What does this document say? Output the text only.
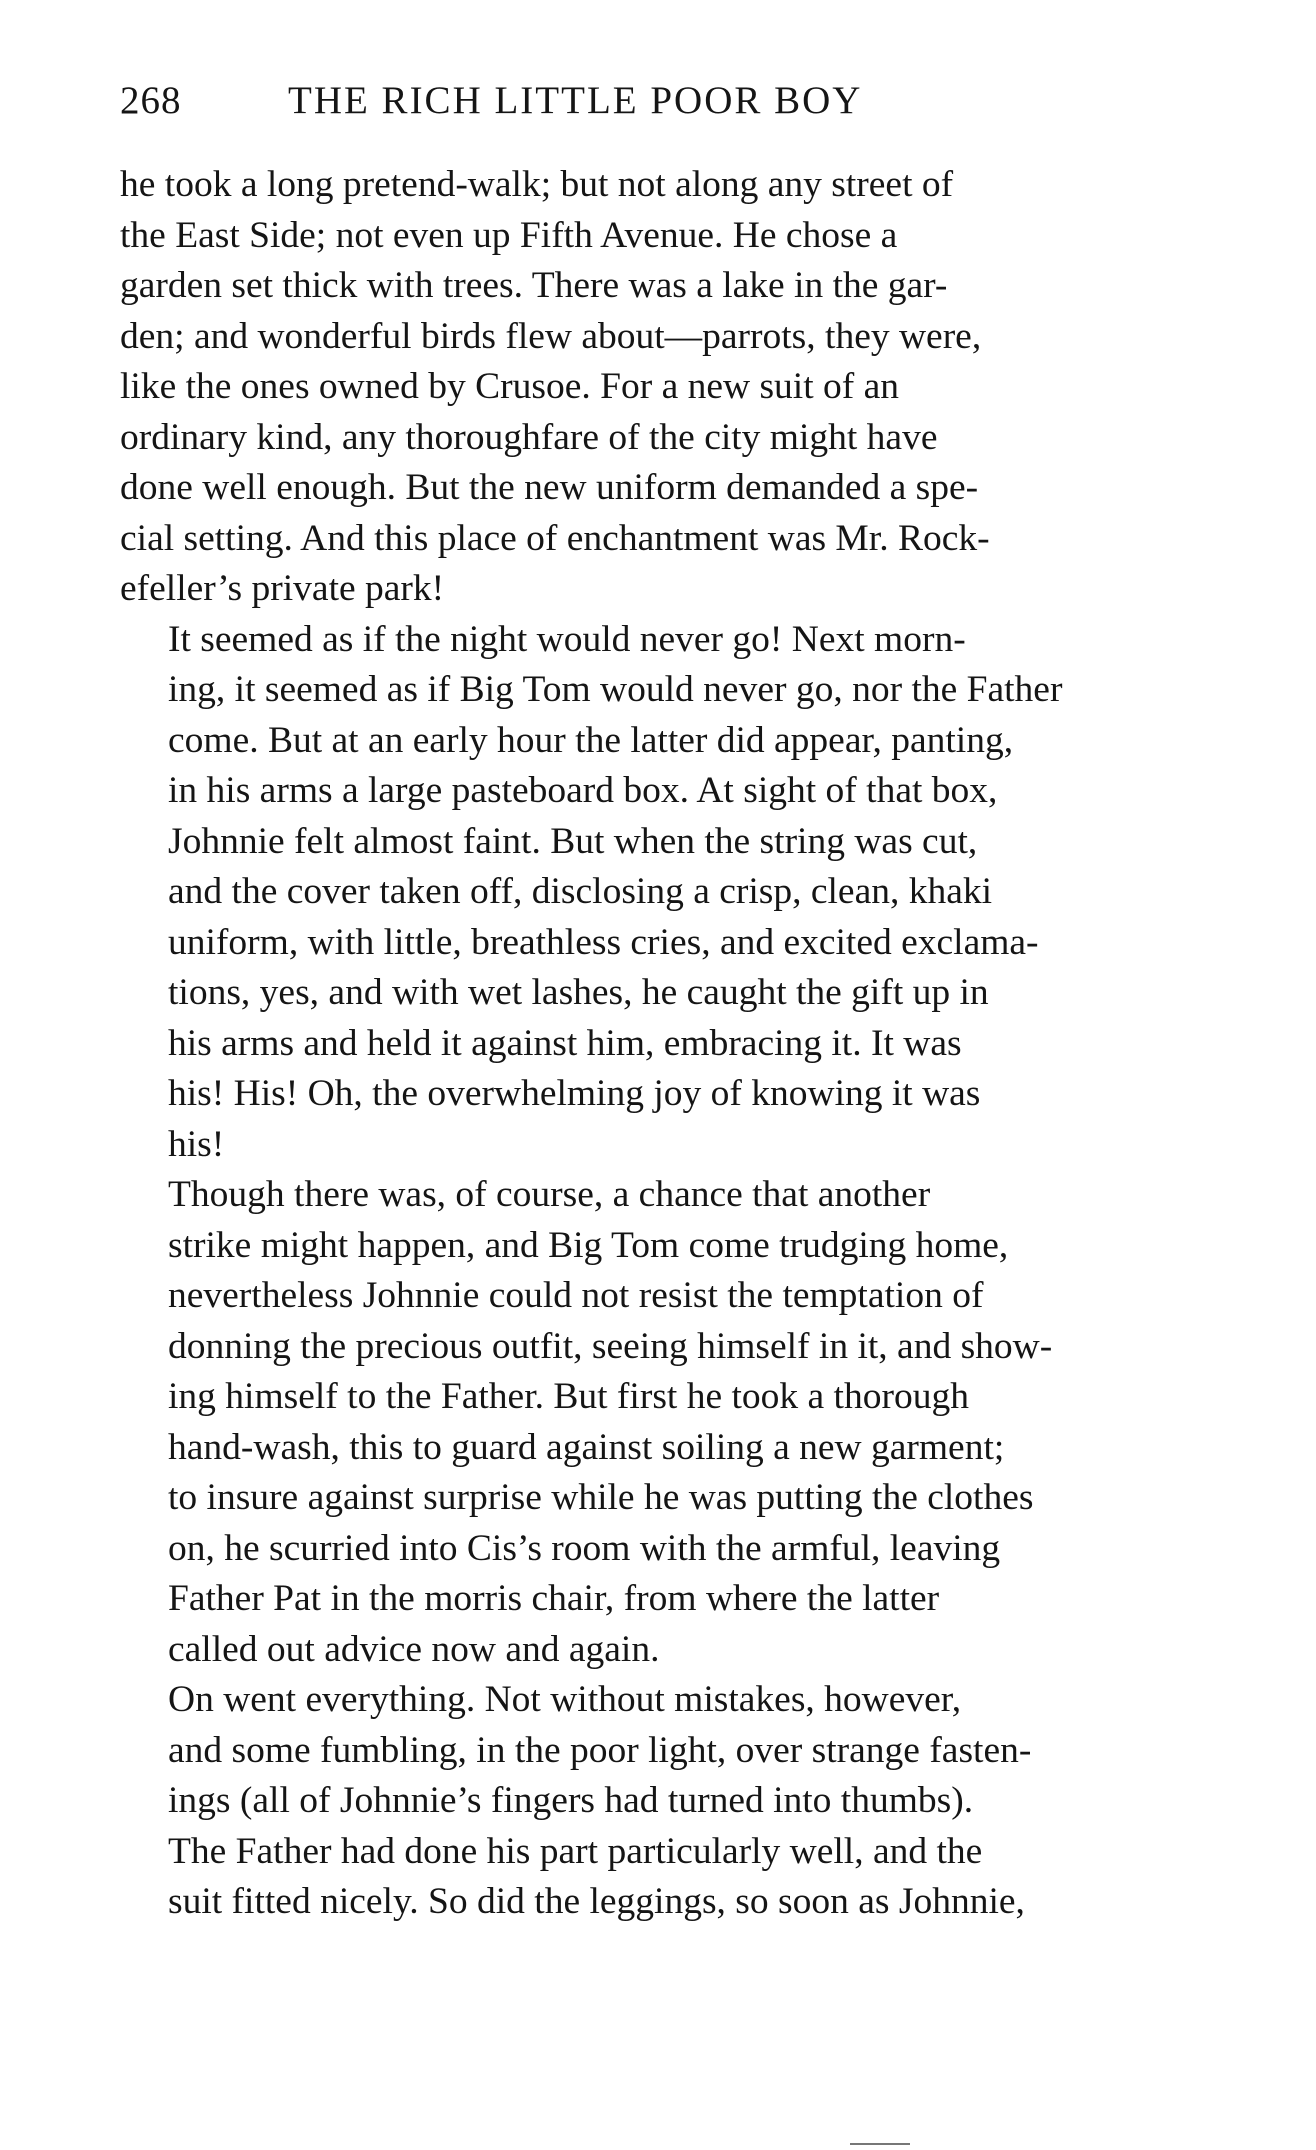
268	THE RICH LITTLE POOR BOY

he took a long pretend-walk; but not along any street of
the East Side; not even up Fifth Avenue. He chose a
garden set thick with trees. There was a lake in the gar-
den; and wonderful birds flew about—parrots, they were,
like the ones owned by Crusoe. For a new suit of an
ordinary kind, any thoroughfare of the city might have
done well enough. But the new uniform demanded a spe-
cial setting. And this place of enchantment was Mr. Rock-
efeller’s private park!

It seemed as if the night would never go! Next morn-
ing, it seemed as if Big Tom would never go, nor the Father
come. But at an early hour the latter did appear, panting,
in his arms a large pasteboard box. At sight of that box,
Johnnie felt almost faint. But when the string was cut,
and the cover taken off, disclosing a crisp, clean, khaki
uniform, with little, breathless cries, and excited exclama-
tions, yes, and with wet lashes, he caught the gift up in
his arms and held it against him, embracing it. It was
his! His! Oh, the overwhelming joy of knowing it was
his!

Though there was, of course, a chance that another
strike might happen, and Big Tom come trudging home,
nevertheless Johnnie could not resist the temptation of
donning the precious outfit, seeing himself in it, and show-
ing himself to the Father. But first he took a thorough
hand-wash, this to guard against soiling a new garment;
to insure against surprise while he was putting the clothes
on, he scurried into Cis’s room with the armful, leaving
Father Pat in the morris chair, from where the latter
called out advice now and again.

On went everything. Not without mistakes, however,
and some fumbling, in the poor light, over strange fasten-
ings (all of Johnnie’s fingers had turned into thumbs).
The Father had done his part particularly well, and the
suit fitted nicely. So did the leggings, so soon as Johnnie,
